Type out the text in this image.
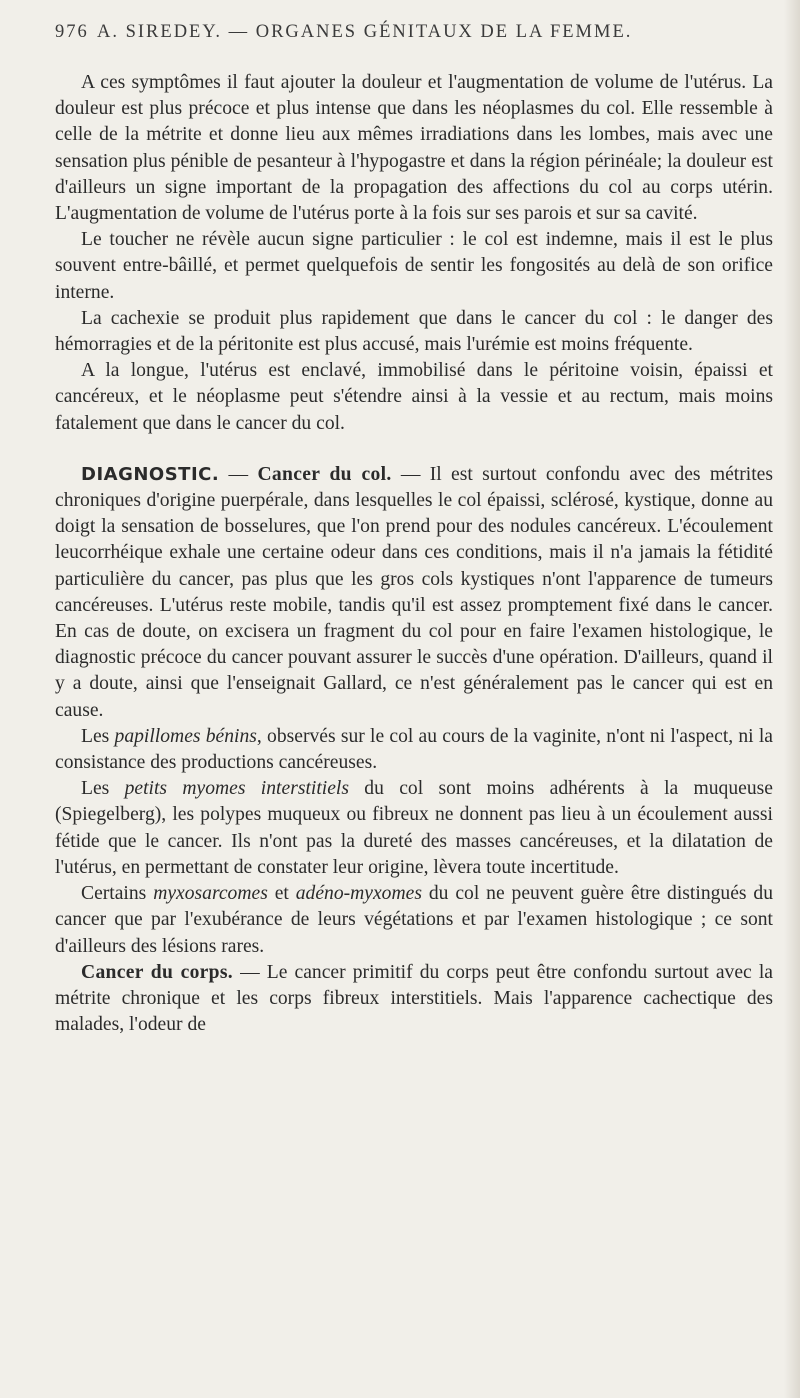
976 A. SIREDEY. — ORGANES GÉNITAUX DE LA FEMME.

A ces symptômes il faut ajouter la douleur et l'augmentation de volume de l'utérus. La douleur est plus précoce et plus intense que dans les néoplasmes du col. Elle ressemble à celle de la métrite et donne lieu aux mêmes irradiations dans les lombes, mais avec une sensation plus pénible de pesanteur à l'hypogastre et dans la région périnéale; la douleur est d'ailleurs un signe important de la propagation des affections du col au corps utérin. L'augmentation de volume de l'utérus porte à la fois sur ses parois et sur sa cavité.

Le toucher ne révèle aucun signe particulier : le col est indemne, mais il est le plus souvent entre-bâillé, et permet quelquefois de sentir les fongosités au delà de son orifice interne.

La cachexie se produit plus rapidement que dans le cancer du col : le danger des hémorragies et de la péritonite est plus accusé, mais l'urémie est moins fréquente.

A la longue, l'utérus est enclavé, immobilisé dans le péritoine voisin, épaissi et cancéreux, et le néoplasme peut s'étendre ainsi à la vessie et au rectum, mais moins fatalement que dans le cancer du col.

DIAGNOSTIC. — Cancer du col. — Il est surtout confondu avec des métrites chroniques d'origine puerpérale, dans lesquelles le col épaissi, sclérosé, kystique, donne au doigt la sensation de bosselures, que l'on prend pour des nodules cancéreux. L'écoulement leucorrhéique exhale une certaine odeur dans ces conditions, mais il n'a jamais la fétidité particulière du cancer, pas plus que les gros cols kystiques n'ont l'apparence de tumeurs cancéreuses. L'utérus reste mobile, tandis qu'il est assez promptement fixé dans le cancer. En cas de doute, on excisera un fragment du col pour en faire l'examen histologique, le diagnostic précoce du cancer pouvant assurer le succès d'une opération. D'ailleurs, quand il y a doute, ainsi que l'enseignait Gallard, ce n'est généralement pas le cancer qui est en cause.

Les papillomes bénins, observés sur le col au cours de la vaginite, n'ont ni l'aspect, ni la consistance des productions cancéreuses.

Les petits myomes interstitiels du col sont moins adhérents à la muqueuse (Spiegelberg), les polypes muqueux ou fibreux ne donnent pas lieu à un écoulement aussi fétide que le cancer. Ils n'ont pas la dureté des masses cancéreuses, et la dilatation de l'utérus, en permettant de constater leur origine, lèvera toute incertitude.

Certains myxosarcomes et adéno-myxomes du col ne peuvent guère être distingués du cancer que par l'exubérance de leurs végétations et par l'examen histologique ; ce sont d'ailleurs des lésions rares.

Cancer du corps. — Le cancer primitif du corps peut être confondu surtout avec la métrite chronique et les corps fibreux interstitiels. Mais l'apparence cachectique des malades, l'odeur de
